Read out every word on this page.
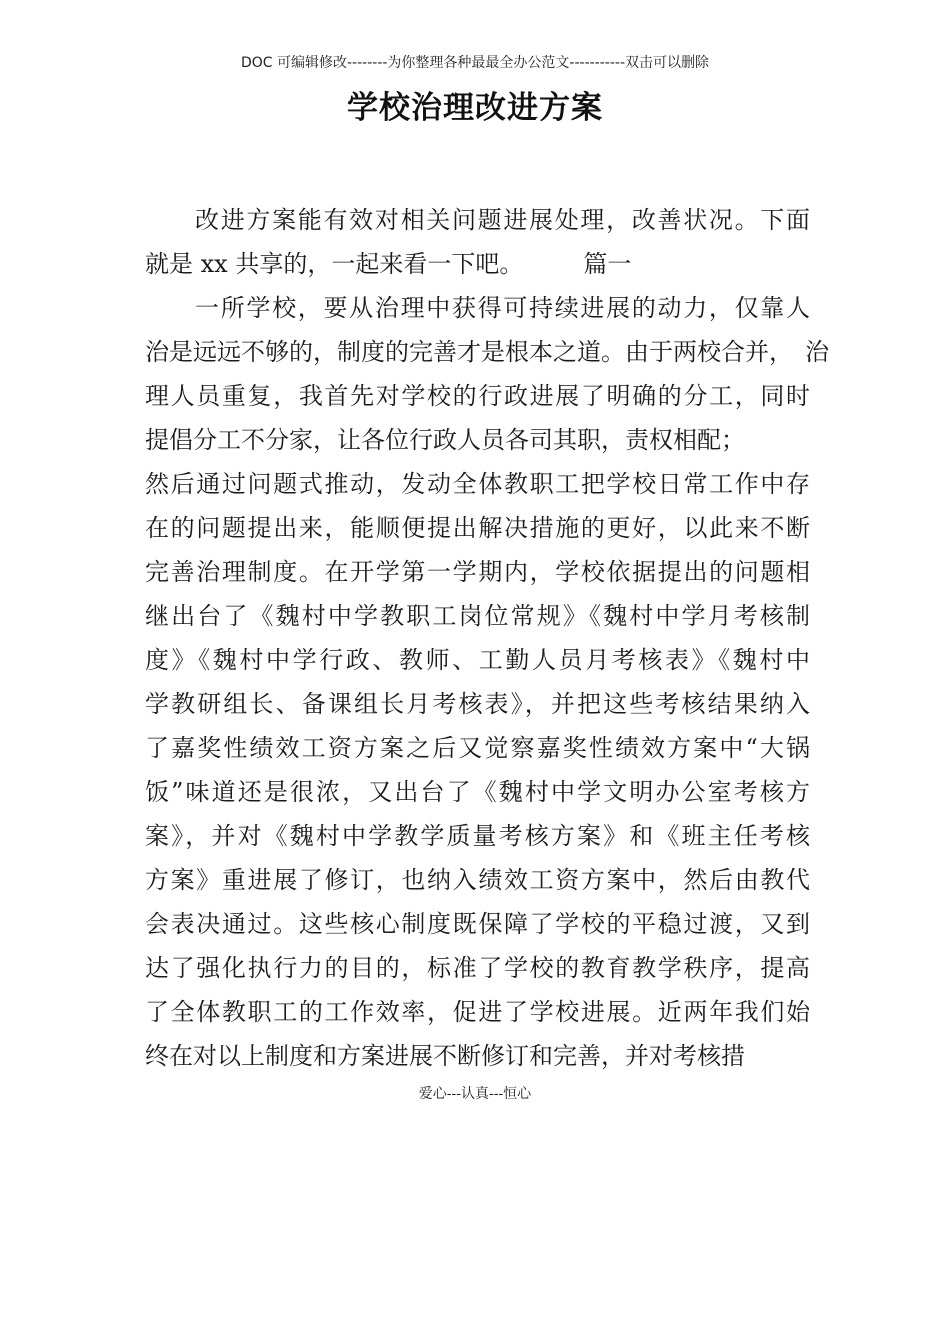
DOC 可编辑修改--------为你整理各种最最全办公范文-----------双击可以删除
学校治理改进方案
改进方案能有效对相关问题进展处理，改善状况。下面
就是 xx 共享的，一起来看一下吧。　　　篇一
一所学校，要从治理中获得可持续进展的动力，仅靠人
治是远远不够的，制度的完善才是根本之道。由于两校合并，　治
理人员重复，我首先对学校的行政进展了明确的分工，同时
提倡分工不分家，让各位行政人员各司其职，责权相配；
然后通过问题式推动，发动全体教职工把学校日常工作中存
在的问题提出来，能顺便提出解决措施的更好，以此来不断
完善治理制度。在开学第一学期内，学校依据提出的问题相
继出台了《魏村中学教职工岗位常规》《魏村中学月考核制
度》《魏村中学行政、教师、工勤人员月考核表》《魏村中
学教研组长、备课组长月考核表》，并把这些考核结果纳入
了嘉奖性绩效工资方案之后又觉察嘉奖性绩效方案中“大锅
饭”味道还是很浓，又出台了《魏村中学文明办公室考核方
案》，并对《魏村中学教学质量考核方案》和《班主任考核
方案》重进展了修订，也纳入绩效工资方案中，然后由教代
会表决通过。这些核心制度既保障了学校的平稳过渡，又到
达了强化执行力的目的，标准了学校的教育教学秩序，提高
了全体教职工的工作效率，促进了学校进展。近两年我们始
终在对以上制度和方案进展不断修订和完善，并对考核措
爱心---认真---恒心
